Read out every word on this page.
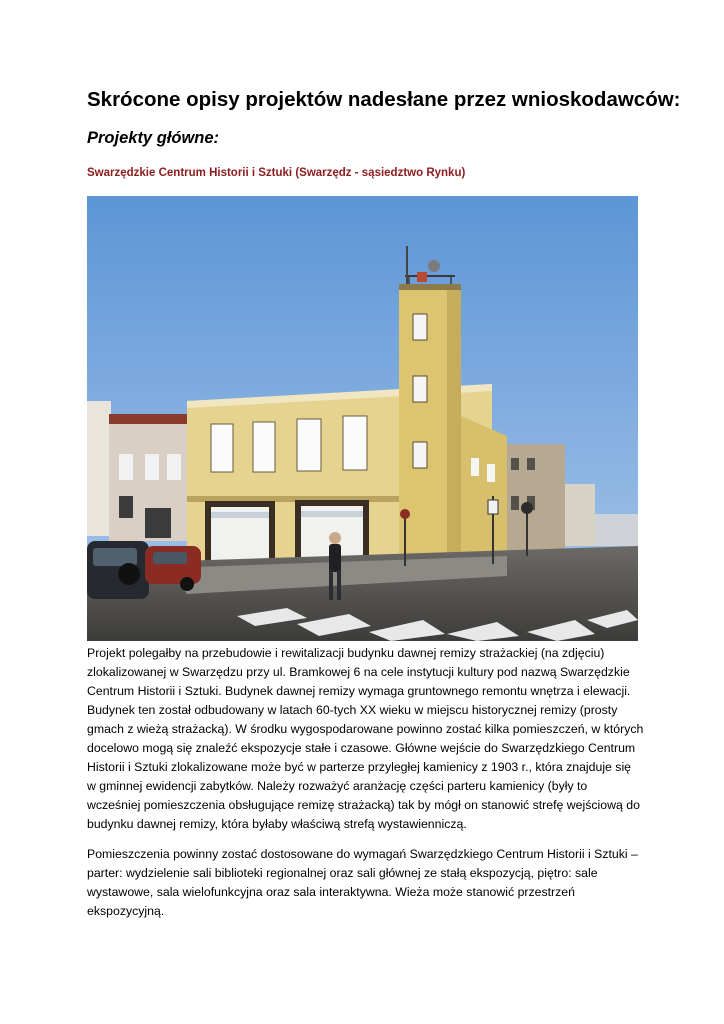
Skrócone opisy projektów nadesłane przez wnioskodawców:
Projekty główne:
Swarzędzkie Centrum Historii i Sztuki (Swarzędz - sąsiedztwo Rynku)
Projekt polegałby na przebudowie i rewitalizacji budynku dawnej remizy strażackiej (na zdjęciu)
zlokalizowanej w Swarzędzu przy ul. Bramkowej 6 na cele instytucji kultury pod nazwą Swarzędzkie
Centrum Historii i Sztuki. Budynek dawnej remizy wymaga gruntownego remontu wnętrza i elewacji.
Budynek ten został odbudowany w latach 60-tych XX wieku w miejscu historycznej remizy (prosty
gmach z wieżą strażacką). W środku wygospodarowane powinno zostać kilka pomieszczeń, w których
docelowo mogą się znaleźć ekspozycje stałe i czasowe. Główne wejście do Swarzędzkiego Centrum
Historii i Sztuki zlokalizowane może być w parterze przyległej kamienicy z 1903 r., która znajduje się
w gminnej ewidencji zabytków. Należy rozważyć aranżację części parteru kamienicy (były to
wcześniej pomieszczenia obsługujące remizę strażacką) tak by mógł on stanowić strefę wejściową do
budynku dawnej remizy, która byłaby właściwą strefą wystawienniczą.
Pomieszczenia powinny zostać dostosowane do wymagań Swarzędzkiego Centrum Historii i Sztuki –
parter: wydzielenie sali biblioteki regionalnej oraz sali głównej ze stałą ekspozycją, piętro: sale
wystawowe, sala wielofunkcyjna oraz sala interaktywna. Wieża może stanowić przestrzeń
ekspozycyjną.
